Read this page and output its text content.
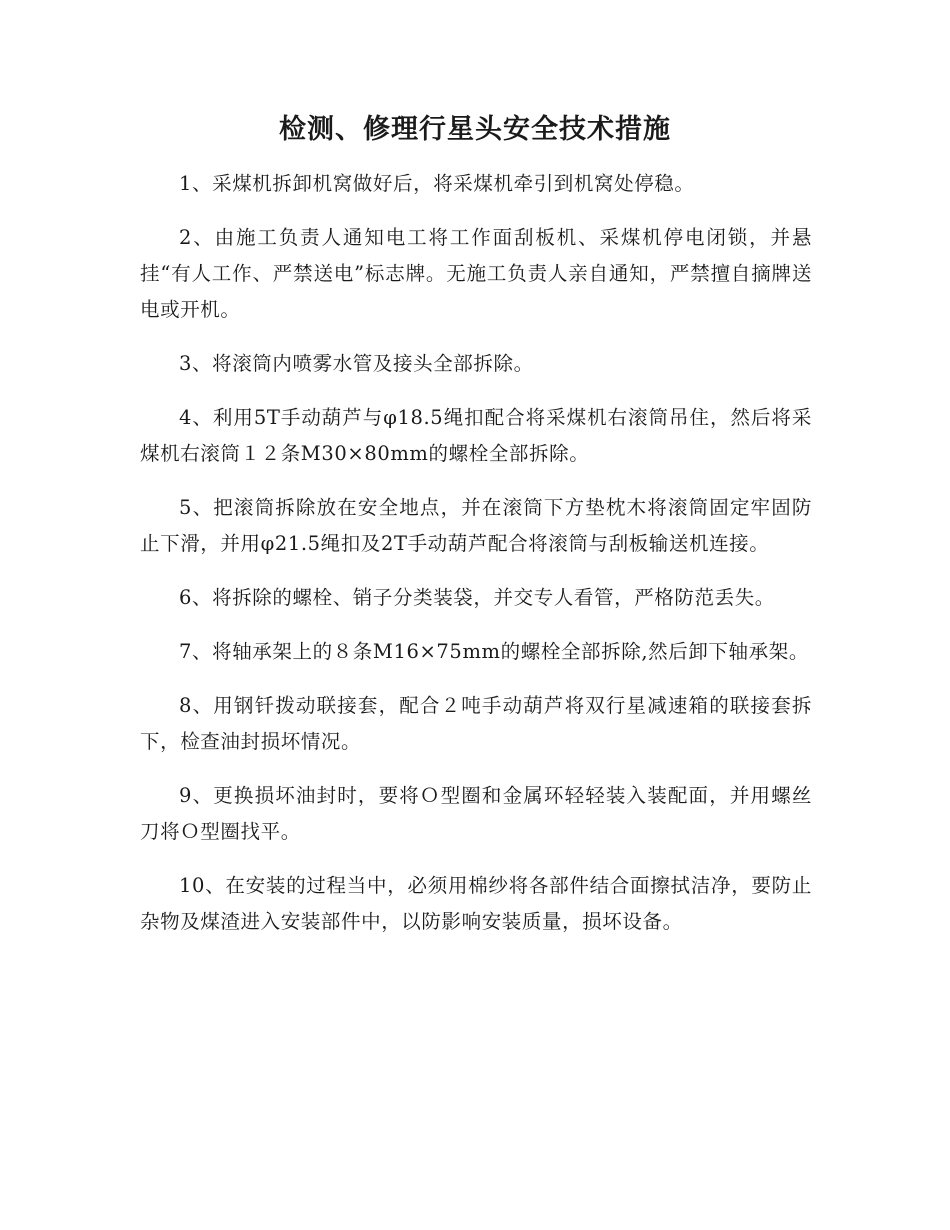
检测、修理行星头安全技术措施

1、采煤机拆卸机窝做好后，将采煤机牵引到机窝处停稳。

2、由施工负责人通知电工将工作面刮板机、采煤机停电闭锁，并悬挂“有人工作、严禁送电”标志牌。无施工负责人亲自通知，严禁擅自摘牌送电或开机。

3、将滚筒内喷雾水管及接头全部拆除。

4、利用5T手动葫芦与φ18.5绳扣配合将采煤机右滚筒吊住，然后将采煤机右滚筒１２条M30×80mm的螺栓全部拆除。

5、把滚筒拆除放在安全地点，并在滚筒下方垫枕木将滚筒固定牢固防止下滑，并用φ21.5绳扣及2T手动葫芦配合将滚筒与刮板输送机连接。

6、将拆除的螺栓、销子分类装袋，并交专人看管，严格防范丢失。

7、将轴承架上的８条M16×75mm的螺栓全部拆除,然后卸下轴承架。

8、用钢钎拨动联接套，配合２吨手动葫芦将双行星减速箱的联接套拆下，检查油封损坏情况。

9、更换损坏油封时，要将Ｏ型圈和金属环轻轻装入装配面，并用螺丝刀将Ｏ型圈找平。

10、在安装的过程当中，必须用棉纱将各部件结合面擦拭洁净，要防止杂物及煤渣进入安装部件中，以防影响安装质量，损坏设备。
